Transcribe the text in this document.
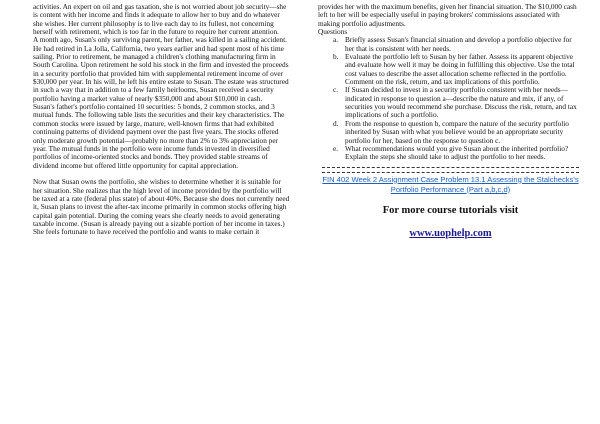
activities. An expert on oil and gas taxation, she is not worried about job security—she is content with her income and finds it adequate to allow her to buy and do whatever she wishes. Her current philosophy is to live each day to its fullest, not concerning herself with retirement, which is too far in the future to require her current attention.

A month ago, Susan's only surviving parent, her father, was killed in a sailing accident. He had retired in La Jolla, California, two years earlier and had spent most of his time sailing. Prior to retirement, he managed a children's clothing manufacturing firm in South Carolina. Upon retirement he sold his stock in the firm and invested the proceeds in a security portfolio that provided him with supplemental retirement income of over $30,000 per year. In his will, he left his entire estate to Susan. The estate was structured in such a way that in addition to a few family heirlooms, Susan received a security portfolio having a market value of nearly $350,000 and about $10,000 in cash.

Susan's father's portfolio contained 10 securities: 5 bonds, 2 common stocks, and 3 mutual funds. The following table lists the securities and their key characteristics. The common stocks were issued by large, mature, well-known firms that had exhibited continuing patterns of dividend payment over the past five years. The stocks offered only moderate growth potential—probably no more than 2% to 3% appreciation per year. The mutual funds in the portfolio were income funds invested in diversified portfolios of income-oriented stocks and bonds. They provided stable streams of dividend income but offered little opportunity for capital appreciation.

Now that Susan owns the portfolio, she wishes to determine whether it is suitable for her situation. She realizes that the high level of income provided by the portfolio will be taxed at a rate (federal plus state) of about 40%. Because she does not currently need it, Susan plans to invest the after-tax income primarily in common stocks offering high capital gain potential. During the coming years she clearly needs to avoid generating taxable income. (Susan is already paying out a sizable portion of her income in taxes.) She feels fortunate to have received the portfolio and wants to make certain it

provides her with the maximum benefits, given her financial situation. The $10,000 cash left to her will be especially useful in paying brokers' commissions associated with making portfolio adjustments.

Questions

a. Briefly assess Susan's financial situation and develop a portfolio objective for her that is consistent with her needs.
b. Evaluate the portfolio left to Susan by her father. Assess its apparent objective and evaluate how well it may be doing in fulfilling this objective. Use the total cost values to describe the asset allocation scheme reflected in the portfolio. Comment on the risk, return, and tax implications of this portfolio.
c. If Susan decided to invest in a security portfolio consistent with her needs—indicated in response to question a—describe the nature and mix, if any, of securities you would recommend she purchase. Discuss the risk, return, and tax implications of such a portfolio.
d. From the response to question b, compare the nature of the security portfolio inherited by Susan with what you believe would be an appropriate security portfolio for her, based on the response to question c.
e. What recommendations would you give Susan about the inherited portfolio? Explain the steps she should take to adjust the portfolio to her needs.
FIN 402 Week 2 Assignment Case Problem 13.1 Assessing the Stalchecks's Portfolio Performance (Part a,b,c,d)
For more course tutorials visit
www.uophelp.com
